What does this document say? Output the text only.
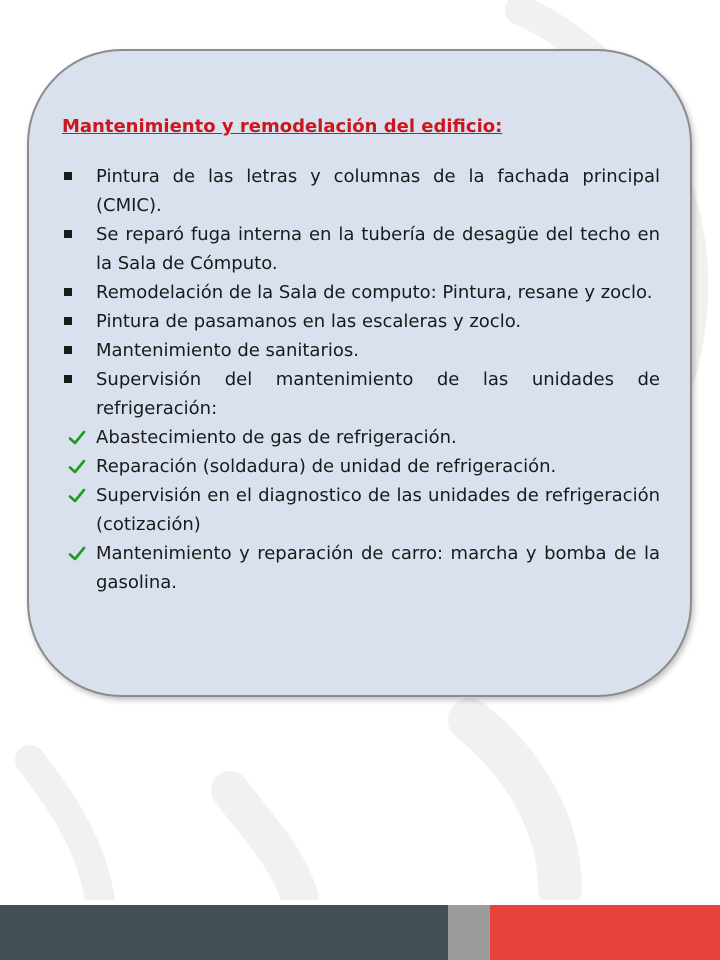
Mantenimiento y remodelación del edificio:
Pintura de las letras y columnas de la fachada principal (CMIC).
Se reparó fuga interna en la tubería de desagüe del techo en la Sala de Cómputo.
Remodelación de la Sala de computo: Pintura, resane y zoclo.
Pintura de pasamanos en las escaleras y zoclo.
Mantenimiento de sanitarios.
Supervisión del mantenimiento de las unidades de refrigeración:
Abastecimiento de gas de refrigeración.
Reparación (soldadura) de unidad de refrigeración.
Supervisión en el diagnostico de las unidades de refrigeración (cotización)
Mantenimiento y reparación de carro: marcha y bomba de la gasolina.
